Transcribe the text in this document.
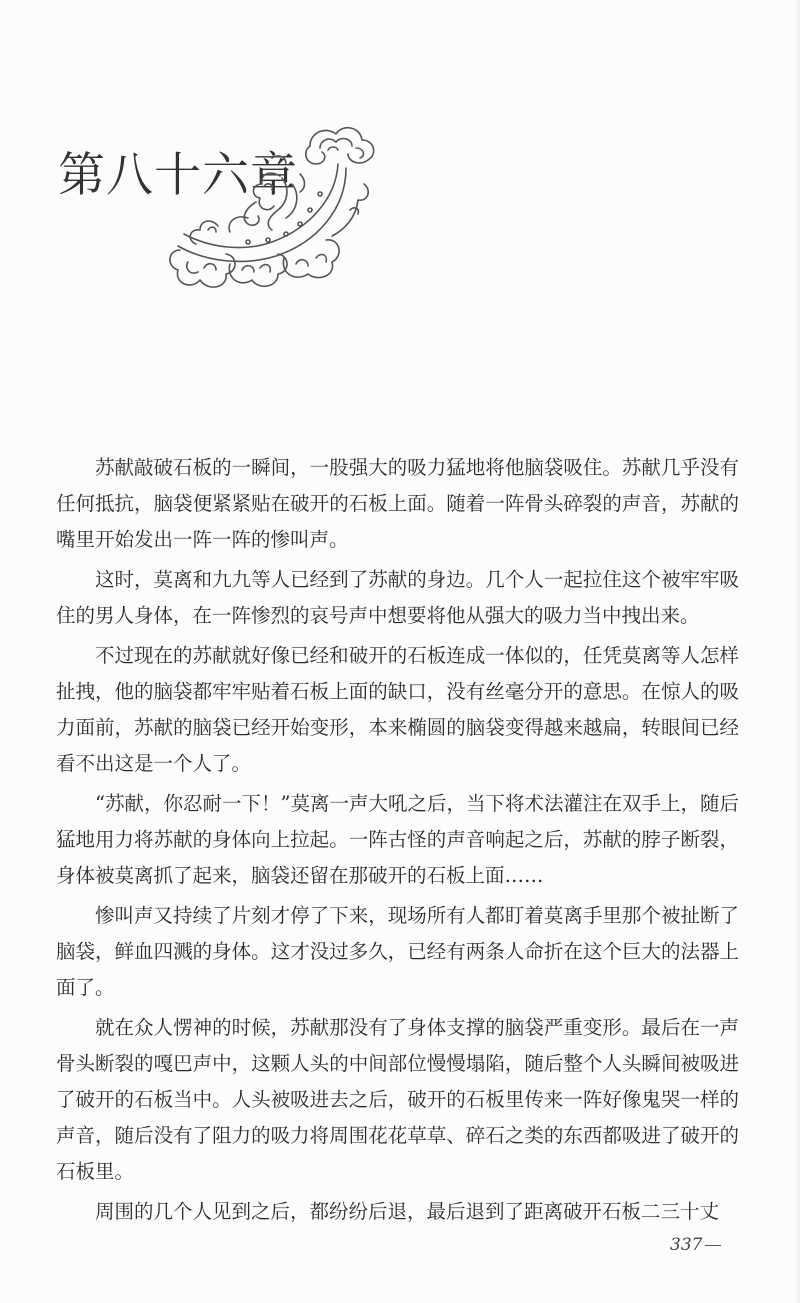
第八十六章

苏献敲破石板的一瞬间，一股强大的吸力猛地将他脑袋吸住。苏献几乎没有任何抵抗，脑袋便紧紧贴在破开的石板上面。随着一阵骨头碎裂的声音，苏献的嘴里开始发出一阵一阵的惨叫声。

这时，莫离和九九等人已经到了苏献的身边。几个人一起拉住这个被牢牢吸住的男人身体，在一阵惨烈的哀号声中想要将他从强大的吸力当中拽出来。

不过现在的苏献就好像已经和破开的石板连成一体似的，任凭莫离等人怎样扯拽，他的脑袋都牢牢贴着石板上面的缺口，没有丝毫分开的意思。在惊人的吸力面前，苏献的脑袋已经开始变形，本来椭圆的脑袋变得越来越扁，转眼间已经看不出这是一个人了。

“苏献，你忍耐一下！”莫离一声大吼之后，当下将术法灌注在双手上，随后猛地用力将苏献的身体向上拉起。一阵古怪的声音响起之后，苏献的脖子断裂，身体被莫离抓了起来，脑袋还留在那破开的石板上面……

惨叫声又持续了片刻才停了下来，现场所有人都盯着莫离手里那个被扯断了脑袋，鲜血四溅的身体。这才没过多久，已经有两条人命折在这个巨大的法器上面了。

就在众人愣神的时候，苏献那没有了身体支撑的脑袋严重变形。最后在一声骨头断裂的嘎巴声中，这颗人头的中间部位慢慢塌陷，随后整个人头瞬间被吸进了破开的石板当中。人头被吸进去之后，破开的石板里传来一阵好像鬼哭一样的声音，随后没有了阻力的吸力将周围花花草草、碎石之类的东西都吸进了破开的石板里。

周围的几个人见到之后，都纷纷后退，最后退到了距离破开石板二三十丈

337
